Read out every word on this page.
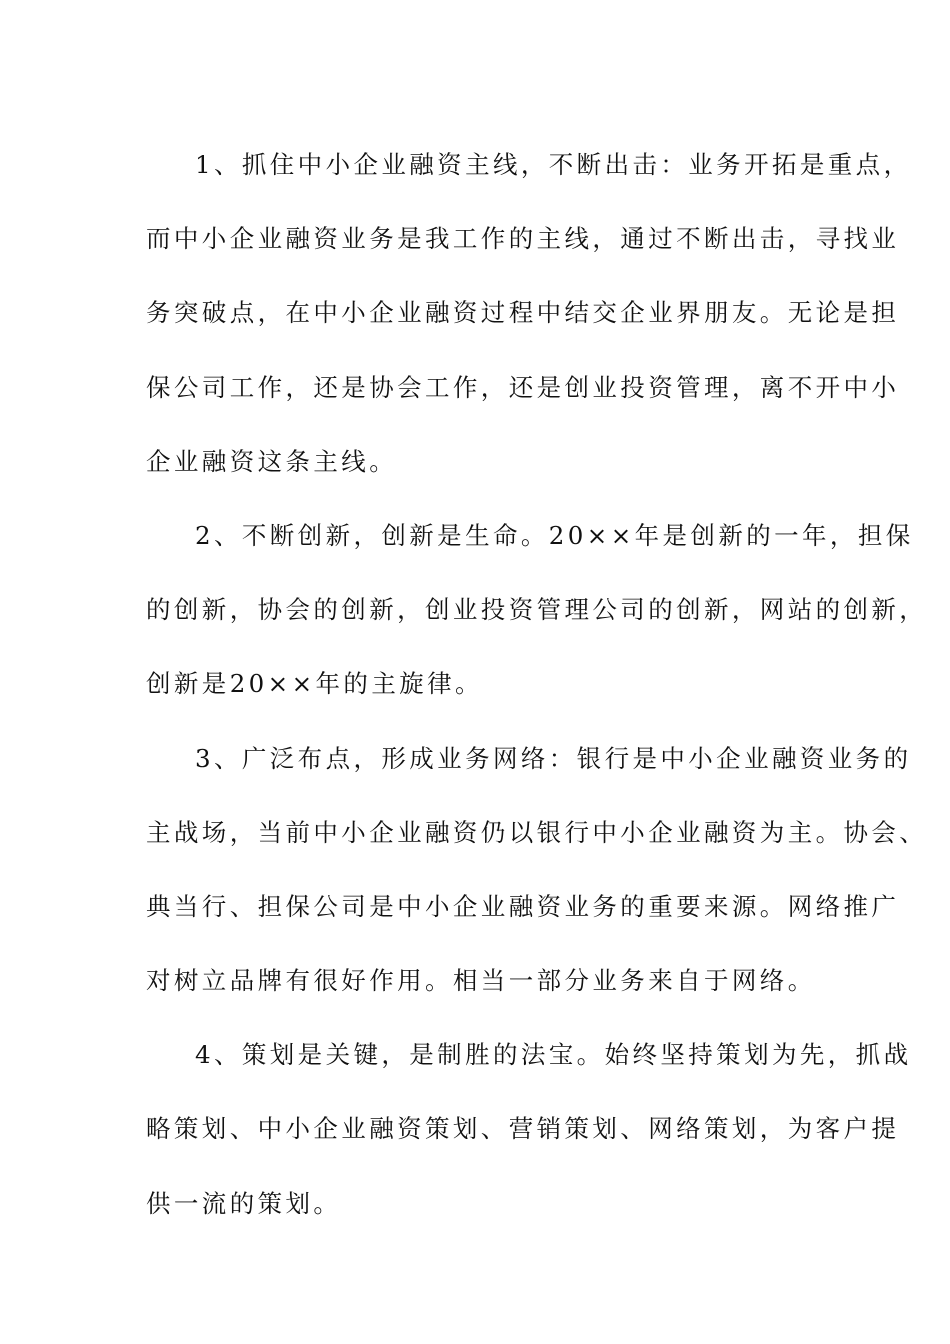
1、抓住中小企业融资主线，不断出击：业务开拓是重点，
而中小企业融资业务是我工作的主线，通过不断出击，寻找业
务突破点，在中小企业融资过程中结交企业界朋友。无论是担
保公司工作，还是协会工作，还是创业投资管理，离不开中小
企业融资这条主线。
2、不断创新，创新是生命。20××年是创新的一年，担保
的创新，协会的创新，创业投资管理公司的创新，网站的创新，
创新是20××年的主旋律。
3、广泛布点，形成业务网络：银行是中小企业融资业务的
主战场，当前中小企业融资仍以银行中小企业融资为主。协会、
典当行、担保公司是中小企业融资业务的重要来源。网络推广
对树立品牌有很好作用。相当一部分业务来自于网络。
4、策划是关键，是制胜的法宝。始终坚持策划为先，抓战
略策划、中小企业融资策划、营销策划、网络策划，为客户提
供一流的策划。
